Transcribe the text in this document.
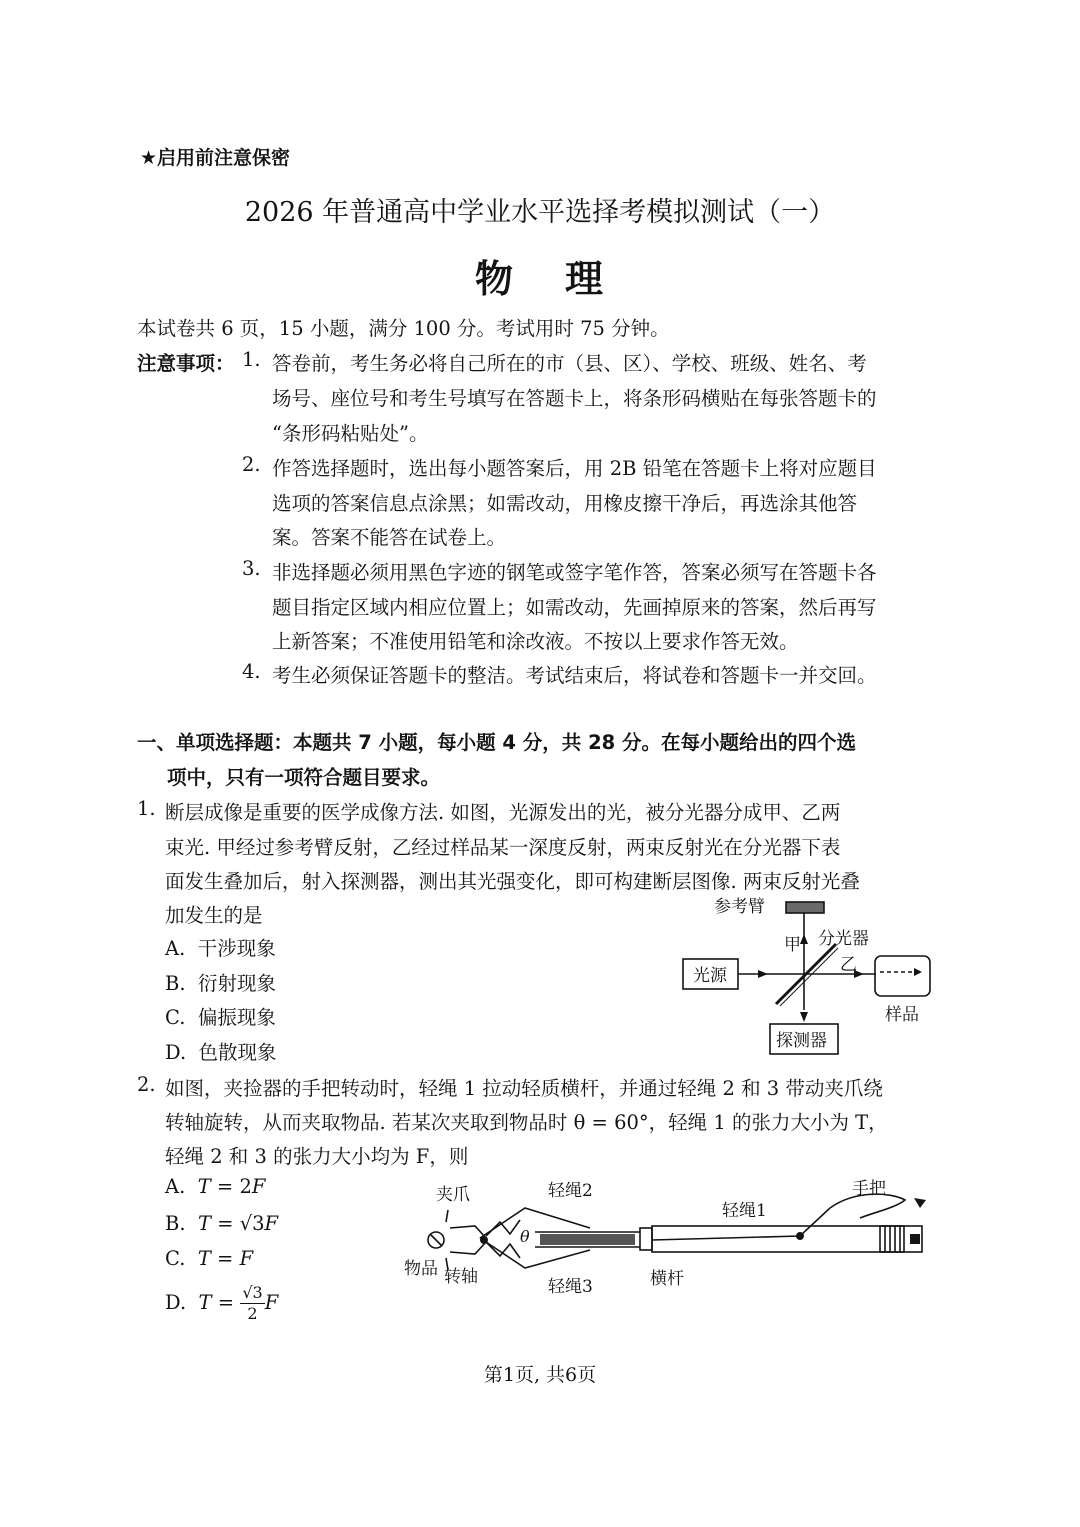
★启用前注意保密
2026 年普通高中学业水平选择考模拟测试（一）
物 理
本试卷共 6 页，15 小题，满分 100 分。考试用时 75 分钟。
注意事项： 1. 答卷前，考生务必将自己所在的市（县、区）、学校、班级、姓名、考
场号、座位号和考生号填写在答题卡上，将条形码横贴在每张答题卡的
“条形码粘贴处”。
2. 作答选择题时，选出每小题答案后，用 2B 铅笔在答题卡上将对应题目
选项的答案信息点涂黑；如需改动，用橡皮擦干净后，再选涂其他答
案。答案不能答在试卷上。
3. 非选择题必须用黑色字迹的钢笔或签字笔作答，答案必须写在答题卡各
题目指定区域内相应位置上；如需改动，先画掉原来的答案，然后再写
上新答案；不准使用铅笔和涂改液。不按以上要求作答无效。
4. 考生必须保证答题卡的整洁。考试结束后，将试卷和答题卡一并交回。
一、单项选择题：本题共 7 小题，每小题 4 分，共 28 分。在每小题给出的四个选
项中，只有一项符合题目要求。
1. 断层成像是重要的医学成像方法. 如图，光源发出的光，被分光器分成甲、乙两
束光. 甲经过参考臂反射，乙经过样品某一深度反射，两束反射光在分光器下表
面发生叠加后，射入探测器，测出其光强变化，即可构建断层图像. 两束反射光叠
加发生的是
A. 干涉现象
B. 衍射现象
C. 偏振现象
D. 色散现象
参考臂
甲 分光器
光源
乙
样品
探测器
2. 如图，夹捡器的手把转动时，轻绳 1 拉动轻质横杆，并通过轻绳 2 和 3 带动夹爪绕
转轴旋转，从而夹取物品. 若某次夹取到物品时 θ = 60°，轻绳 1 的张力大小为 T，
轻绳 2 和 3 的张力大小均为 F，则
A. T = 2F
B. T = √3F
C. T = F
D. $T = \frac{√3}{2}$ F
夹爪	轻绳2
轻绳1
手把
θ
物品 转轴	轻绳3	横杆
第1页, 共6页
